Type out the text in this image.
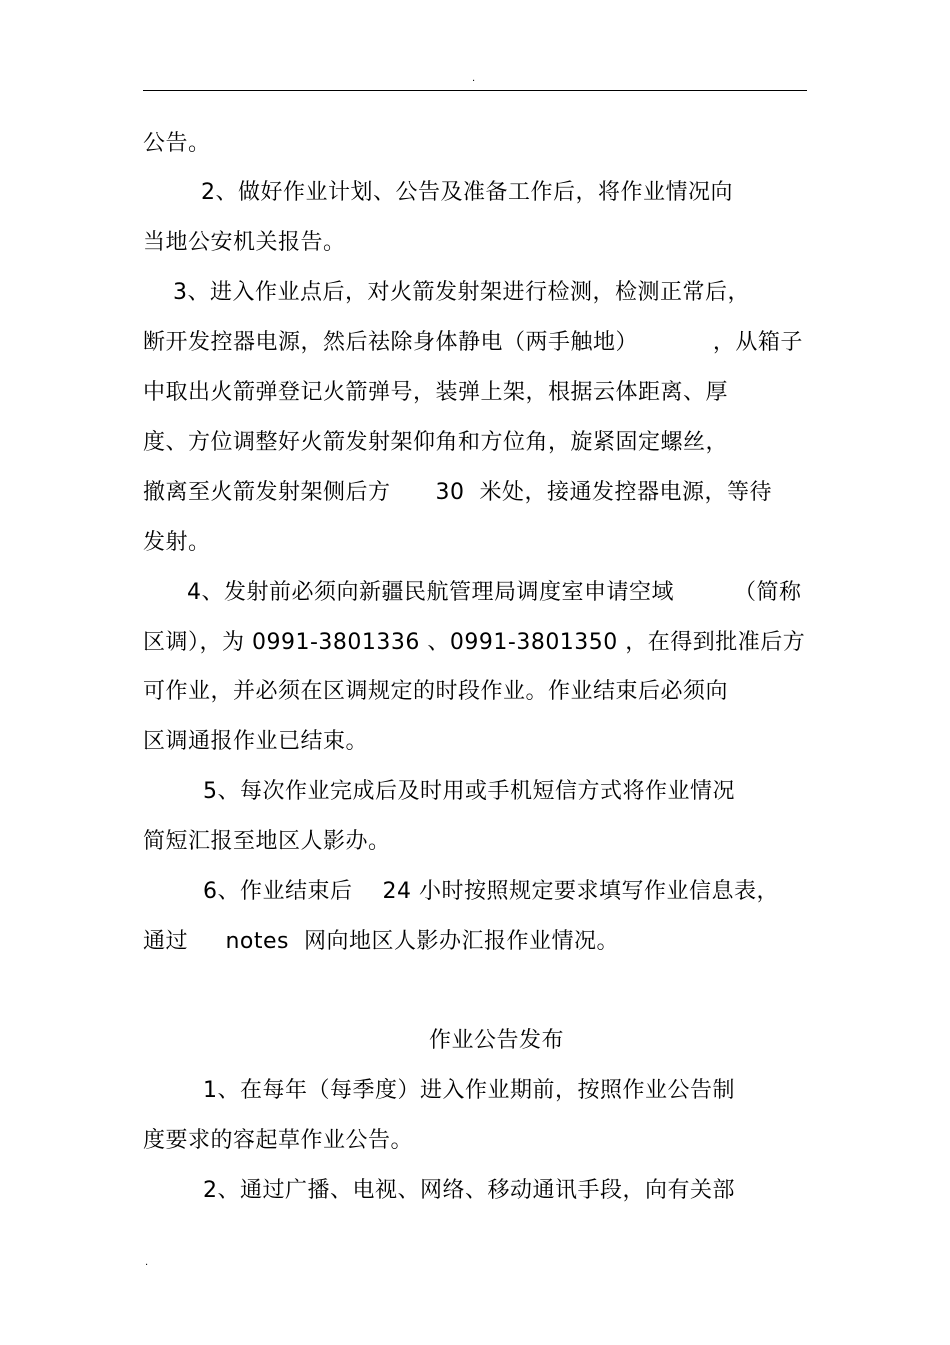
.
公告。
2、做好作业计划、公告及准备工作后，将作业情况向
当地公安机关报告。
3、进入作业点后，对火箭发射架进行检测，检测正常后，
断开发控器电源，然后祛除身体静电（两手触地）          ，从箱子
中取出火箭弹登记火箭弹号，装弹上架，根据云体距离、厚
度、方位调整好火箭发射架仰角和方位角，旋紧固定螺丝，
撤离至火箭发射架侧后方      30  米处，接通发控器电源，等待
发射。
4、发射前必须向新疆民航管理局调度室申请空域        （简称
区调），为 0991-3801336 、0991-3801350 ，在得到批准后方
可作业，并必须在区调规定的时段作业。作业结束后必须向
区调通报作业已结束。
5、每次作业完成后及时用或手机短信方式将作业情况
简短汇报至地区人影办。
6、作业结束后    24 小时按照规定要求填写作业信息表，
通过     notes  网向地区人影办汇报作业情况。
作业公告发布
1、在每年（每季度）进入作业期前，按照作业公告制
度要求的容起草作业公告。
2、通过广播、电视、网络、移动通讯手段，向有关部
.
